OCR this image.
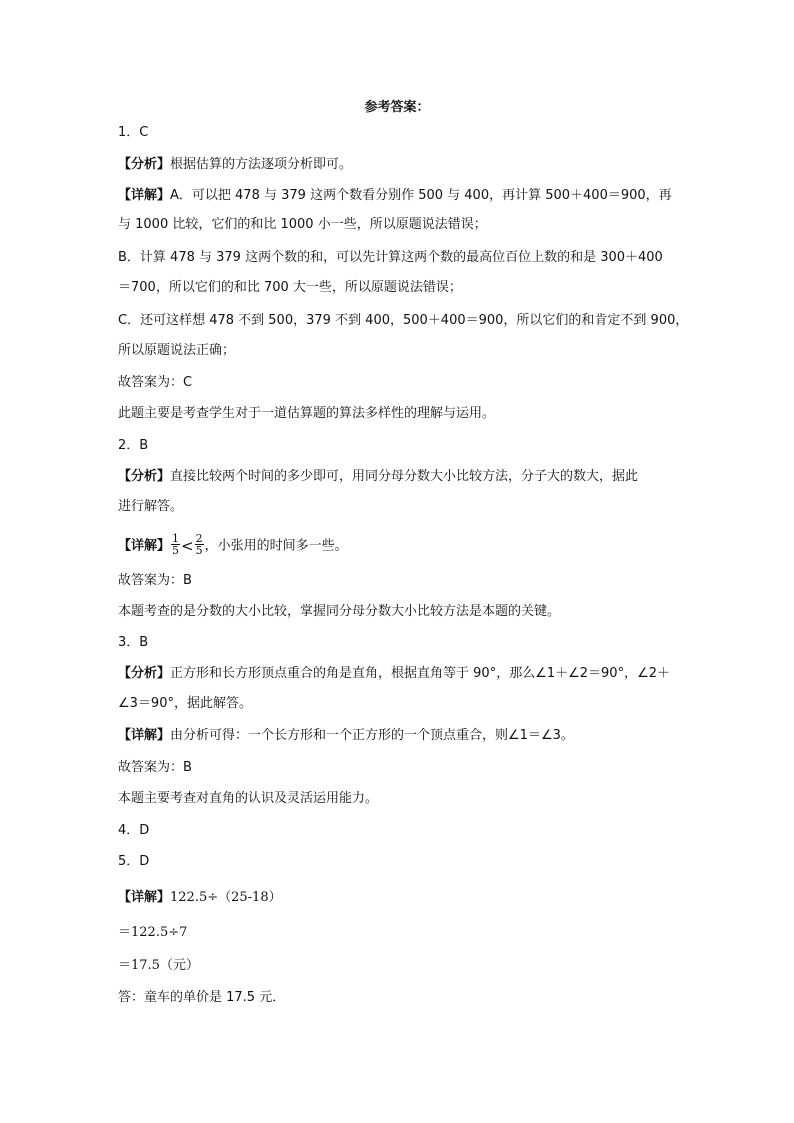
参考答案：
1．C
【分析】根据估算的方法逐项分析即可。
【详解】A．可以把 478 与 379 这两个数看分别作 500 与 400，再计算 500＋400＝900，再
与 1000 比较，它们的和比 1000 小一些，所以原题说法错误；
B．计算 478 与 379 这两个数的和，可以先计算这两个数的最高位百位上数的和是 300＋400
＝700，所以它们的和比 700 大一些，所以原题说法错误；
C．还可这样想 478 不到 500，379 不到 400，500＋400＝900，所以它们的和肯定不到 900，
所以原题说法正确；
故答案为：C
此题主要是考查学生对于一道估算题的算法多样性的理解与运用。
2．B
【分析】直接比较两个时间的多少即可，用同分母分数大小比较方法，分子大的数大，据此
进行解答。
【详解】 $\frac{1}{5} < \frac{2}{5}$ ，小张用的时间多一些。
故答案为：B
本题考查的是分数的大小比较，掌握同分母分数大小比较方法是本题的关键。
3．B
【分析】正方形和长方形顶点重合的角是直角，根据直角等于 90°，那么∠1＋∠2＝90°，∠2＋
∠3＝90°，据此解答。
【详解】由分析可得：一个长方形和一个正方形的一个顶点重合，则∠1＝∠3。
故答案为：B
本题主要考查对直角的认识及灵活运用能力。
4．D
5．D
【详解】122.5÷（25-18）
＝122.5÷7
＝17.5（元）
答：童车的单价是 17.5 元．
